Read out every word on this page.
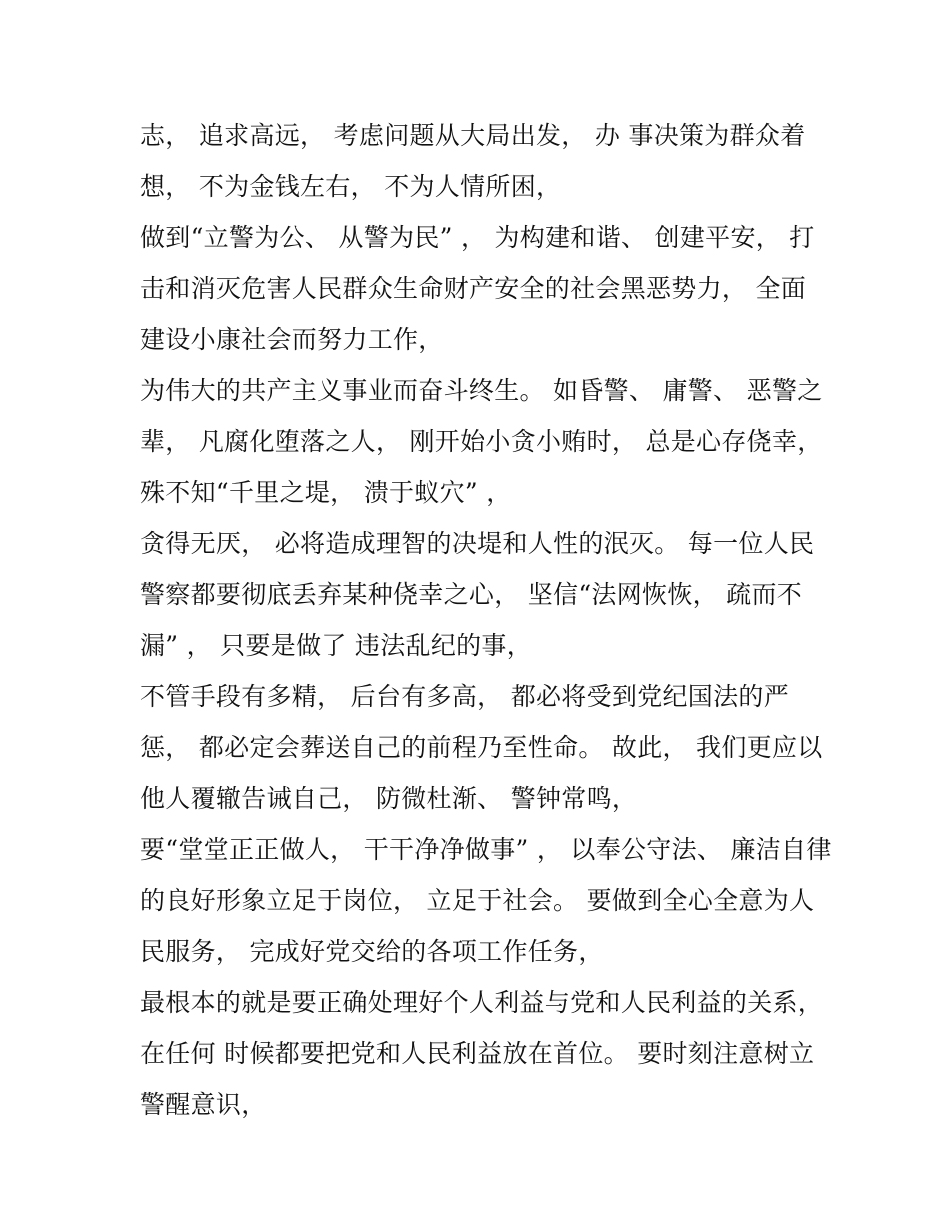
志， 追求高远， 考虑问题从大局出发， 办 事决策为群众着
想， 不为金钱左右， 不为人情所困，
做到“立警为公、 从警为民” ， 为构建和谐、 创建平安， 打
击和消灭危害人民群众生命财产安全的社会黑恶势力， 全面
建设小康社会而努力工作，
为伟大的共产主义事业而奋斗终生。 如昏警、 庸警、 恶警之
辈， 凡腐化堕落之人， 刚开始小贪小贿时， 总是心存侥幸，
殊不知“千里之堤， 溃于蚁穴” ，
贪得无厌， 必将造成理智的决堤和人性的泯灭。 每一位人民
警察都要彻底丢弃某种侥幸之心， 坚信“法网恢恢， 疏而不
漏” ， 只要是做了 违法乱纪的事，
不管手段有多精， 后台有多高， 都必将受到党纪国法的严
惩， 都必定会葬送自己的前程乃至性命。 故此， 我们更应以
他人覆辙告诫自己， 防微杜渐、 警钟常鸣，
要“堂堂正正做人， 干干净净做事” ， 以奉公守法、 廉洁自律
的良好形象立足于岗位， 立足于社会。 要做到全心全意为人
民服务， 完成好党交给的各项工作任务，
最根本的就是要正确处理好个人利益与党和人民利益的关系，
在任何 时候都要把党和人民利益放在首位。 要时刻注意树立
警醒意识，
